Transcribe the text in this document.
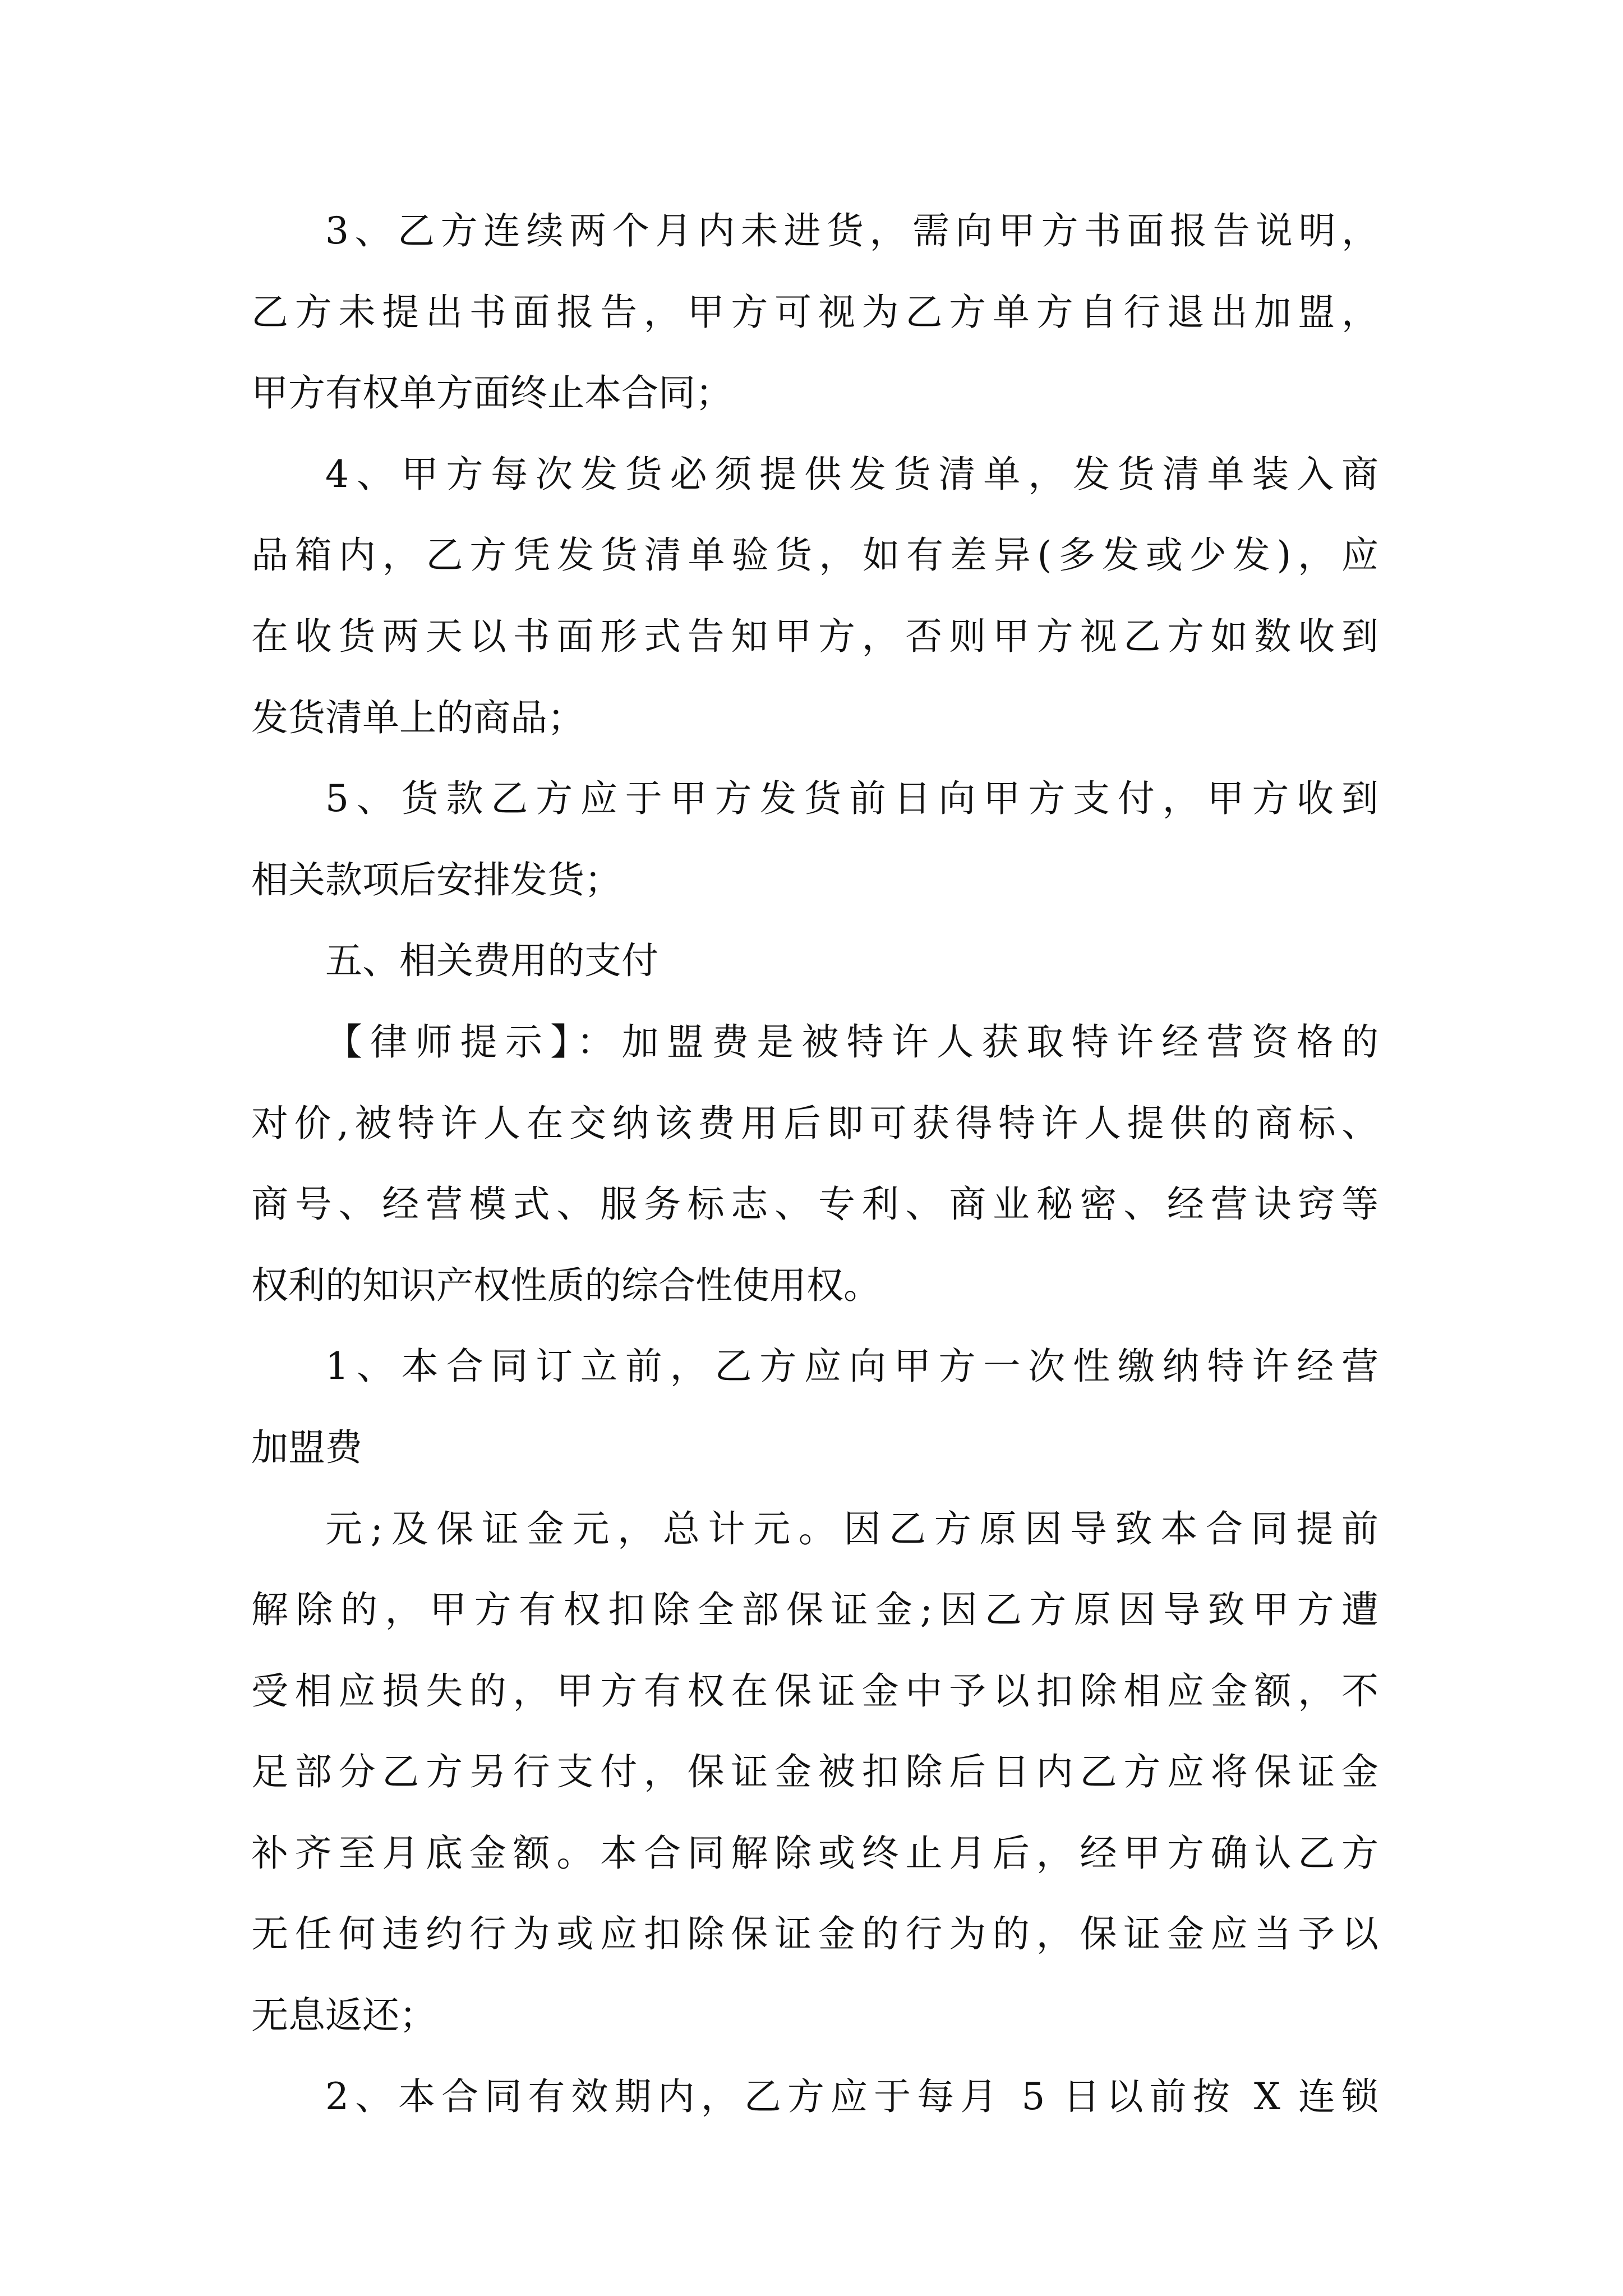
3、乙方连续两个月内未进货，需向甲方书面报告说明，
乙方未提出书面报告，甲方可视为乙方单方自行退出加盟，
甲方有权单方面终止本合同；
4、甲方每次发货必须提供发货清单，发货清单装入商
品箱内，乙方凭发货清单验货，如有差异(多发或少发)，应
在收货两天以书面形式告知甲方，否则甲方视乙方如数收到
发货清单上的商品；
5、货款乙方应于甲方发货前日向甲方支付，甲方收到
相关款项后安排发货；
五、相关费用的支付
【律师提示】：加盟费是被特许人获取特许经营资格的
对价,被特许人在交纳该费用后即可获得特许人提供的商标、
商号、经营模式、服务标志、专利、商业秘密、经营诀窍等
权利的知识产权性质的综合性使用权。
1、本合同订立前，乙方应向甲方一次性缴纳特许经营
加盟费
元;及保证金元，总计元。因乙方原因导致本合同提前
解除的，甲方有权扣除全部保证金;因乙方原因导致甲方遭
受相应损失的，甲方有权在保证金中予以扣除相应金额，不
足部分乙方另行支付，保证金被扣除后日内乙方应将保证金
补齐至月底金额。本合同解除或终止月后，经甲方确认乙方
无任何违约行为或应扣除保证金的行为的，保证金应当予以
无息返还；
2、本合同有效期内，乙方应于每月 5 日以前按 X 连锁
